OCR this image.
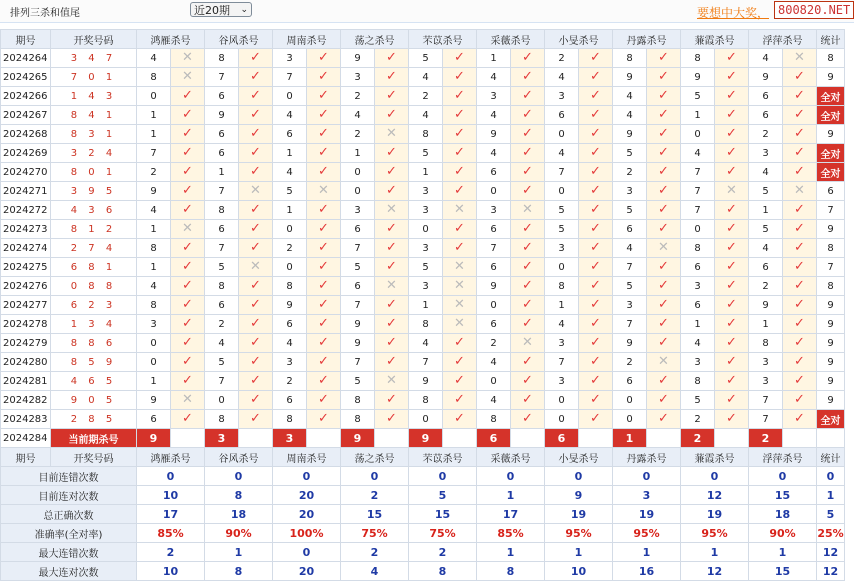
排列三杀和值尾	近20期 ⌄	要想中大奖， 800820.NET
期号	开奖号码	鸿雁杀号		谷风杀号		周南杀号		荡之杀号		芣苡杀号		采薇杀号		小旻杀号		丹露杀号		蒹霞杀号		浮萍杀号		统计
2024264	3 4 7	4	✕	8	✓	3	✓	9	✓	5	✓	1	✓	2	✓	8	✓	8	✓	4	✕	8
2024265	7 0 1	8	✕	7	✓	7	✓	3	✓	4	✓	4	✓	4	✓	9	✓	9	✓	9	✓	9
2024266	1 4 3	0	✓	6	✓	0	✓	2	✓	2	✓	3	✓	3	✓	4	✓	5	✓	6	✓	全对
2024267	8 4 1	1	✓	9	✓	4	✓	4	✓	4	✓	4	✓	6	✓	4	✓	1	✓	6	✓	全对
2024268	8 3 1	1	✓	6	✓	6	✓	2	✕	8	✓	9	✓	0	✓	9	✓	0	✓	2	✓	9
2024269	3 2 4	7	✓	6	✓	1	✓	1	✓	5	✓	4	✓	4	✓	5	✓	4	✓	3	✓	全对
2024270	8 0 1	2	✓	1	✓	4	✓	0	✓	1	✓	6	✓	7	✓	2	✓	7	✓	4	✓	全对
2024271	3 9 5	9	✓	7	✕	5	✕	0	✓	3	✓	0	✓	0	✓	3	✓	7	✕	5	✕	6
2024272	4 3 6	4	✓	8	✓	1	✓	3	✕	3	✕	3	✕	5	✓	5	✓	7	✓	1	✓	7
2024273	8 1 2	1	✕	6	✓	0	✓	6	✓	0	✓	6	✓	5	✓	6	✓	0	✓	5	✓	9
2024274	2 7 4	8	✓	7	✓	2	✓	7	✓	3	✓	7	✓	3	✓	4	✕	8	✓	4	✓	8
2024275	6 8 1	1	✓	5	✕	0	✓	5	✓	5	✕	6	✓	0	✓	7	✓	6	✓	6	✓	7
2024276	0 8 8	4	✓	8	✓	8	✓	6	✕	3	✕	9	✓	8	✓	5	✓	3	✓	2	✓	8
2024277	6 2 3	8	✓	6	✓	9	✓	7	✓	1	✕	0	✓	1	✓	3	✓	6	✓	9	✓	9
2024278	1 3 4	3	✓	2	✓	6	✓	9	✓	8	✕	6	✓	4	✓	7	✓	1	✓	1	✓	9
2024279	8 8 6	0	✓	4	✓	4	✓	9	✓	4	✓	2	✕	3	✓	9	✓	4	✓	8	✓	9
2024280	8 5 9	0	✓	5	✓	3	✓	7	✓	7	✓	4	✓	7	✓	2	✕	3	✓	3	✓	9
2024281	4 6 5	1	✓	7	✓	2	✓	5	✕	9	✓	0	✓	3	✓	6	✓	8	✓	3	✓	9
2024282	9 0 5	9	✕	0	✓	6	✓	8	✓	8	✓	4	✓	0	✓	0	✓	5	✓	7	✓	9
2024283	2 8 5	6	✓	8	✓	8	✓	8	✓	0	✓	8	✓	0	✓	0	✓	2	✓	7	✓	全对
2024284	当前期杀号	9		3		3		9		9		6		6		1		2		2		
期号	开奖号码	鸿雁杀号		谷风杀号		周南杀号		荡之杀号		芣苡杀号		采薇杀号		小旻杀号		丹露杀号		蒹霞杀号		浮萍杀号		统计
目前连错次数		0		0		0		0		0		0		0		0		0		0		0
目前连对次数		10		8		20		2		5		1		9		3		12		15		1
总正确次数		17		18		20		15		15		17		19		19		19		18		5
准确率(全对率)		85%		90%		100%		75%		75%		85%		95%		95%		95%		90%		25%
最大连错次数		2		1		0		2		2		1		1		1		1		1		12
最大连对次数		10		8		20		4		8		8		10		16		12		15		12
